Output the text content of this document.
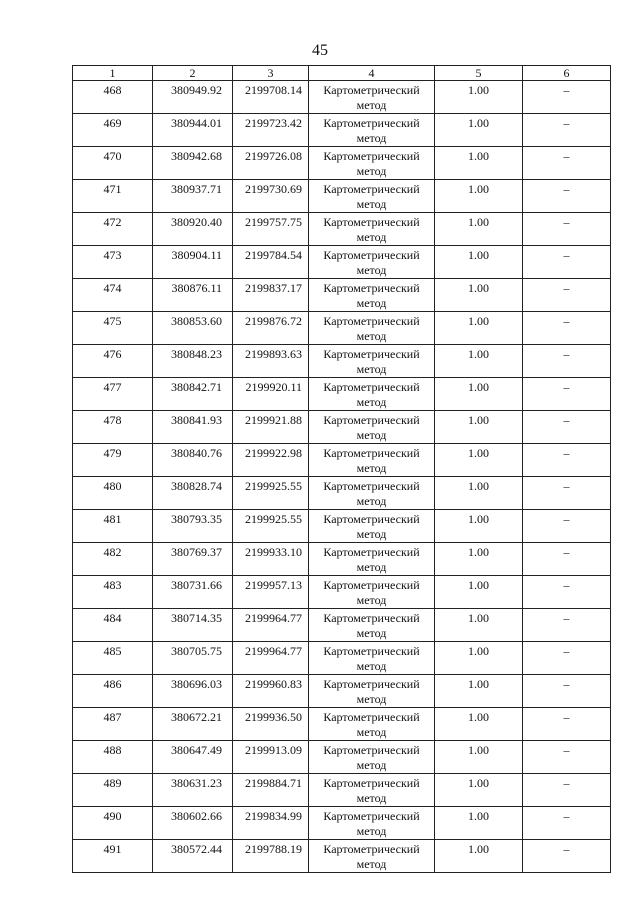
45
1	2	3	4	5	6
468	380949.92	2199708.14	Картометрический метод	1.00	–
469	380944.01	2199723.42	Картометрический метод	1.00	–
470	380942.68	2199726.08	Картометрический метод	1.00	–
471	380937.71	2199730.69	Картометрический метод	1.00	–
472	380920.40	2199757.75	Картометрический метод	1.00	–
473	380904.11	2199784.54	Картометрический метод	1.00	–
474	380876.11	2199837.17	Картометрический метод	1.00	–
475	380853.60	2199876.72	Картометрический метод	1.00	–
476	380848.23	2199893.63	Картометрический метод	1.00	–
477	380842.71	2199920.11	Картометрический метод	1.00	–
478	380841.93	2199921.88	Картометрический метод	1.00	–
479	380840.76	2199922.98	Картометрический метод	1.00	–
480	380828.74	2199925.55	Картометрический метод	1.00	–
481	380793.35	2199925.55	Картометрический метод	1.00	–
482	380769.37	2199933.10	Картометрический метод	1.00	–
483	380731.66	2199957.13	Картометрический метод	1.00	–
484	380714.35	2199964.77	Картометрический метод	1.00	–
485	380705.75	2199964.77	Картометрический метод	1.00	–
486	380696.03	2199960.83	Картометрический метод	1.00	–
487	380672.21	2199936.50	Картометрический метод	1.00	–
488	380647.49	2199913.09	Картометрический метод	1.00	–
489	380631.23	2199884.71	Картометрический метод	1.00	–
490	380602.66	2199834.99	Картометрический метод	1.00	–
491	380572.44	2199788.19	Картометрический метод	1.00	–
